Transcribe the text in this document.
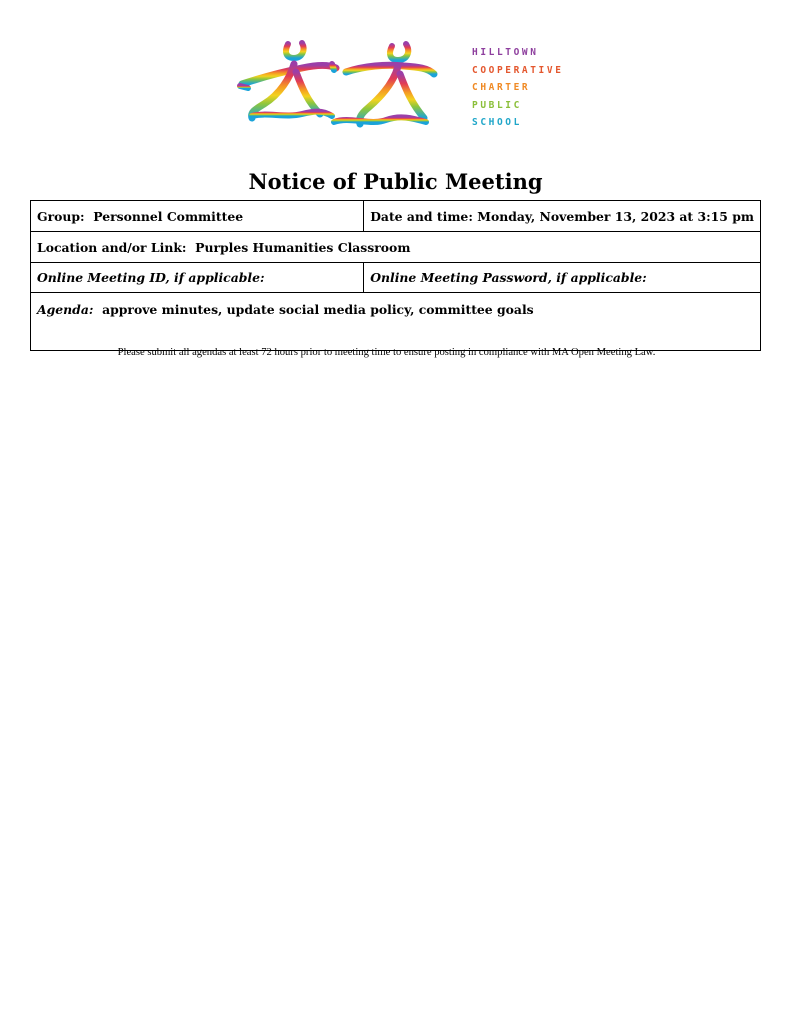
HILLTOWN
COOPERATIVE
CHARTER
PUBLIC
SCHOOL
Notice of Public Meeting
Group: Personnel Committee	Date and time: Monday, November 13, 2023 at 3:15 pm
Location and/or Link: Purples Humanities Classroom	
Online Meeting ID, if applicable:	Online Meeting Password, if applicable:
Agenda: approve minutes, update social media policy, committee goals	
Please submit all agendas at least 72 hours prior to meeting time to ensure posting in compliance with MA Open Meeting Law.
